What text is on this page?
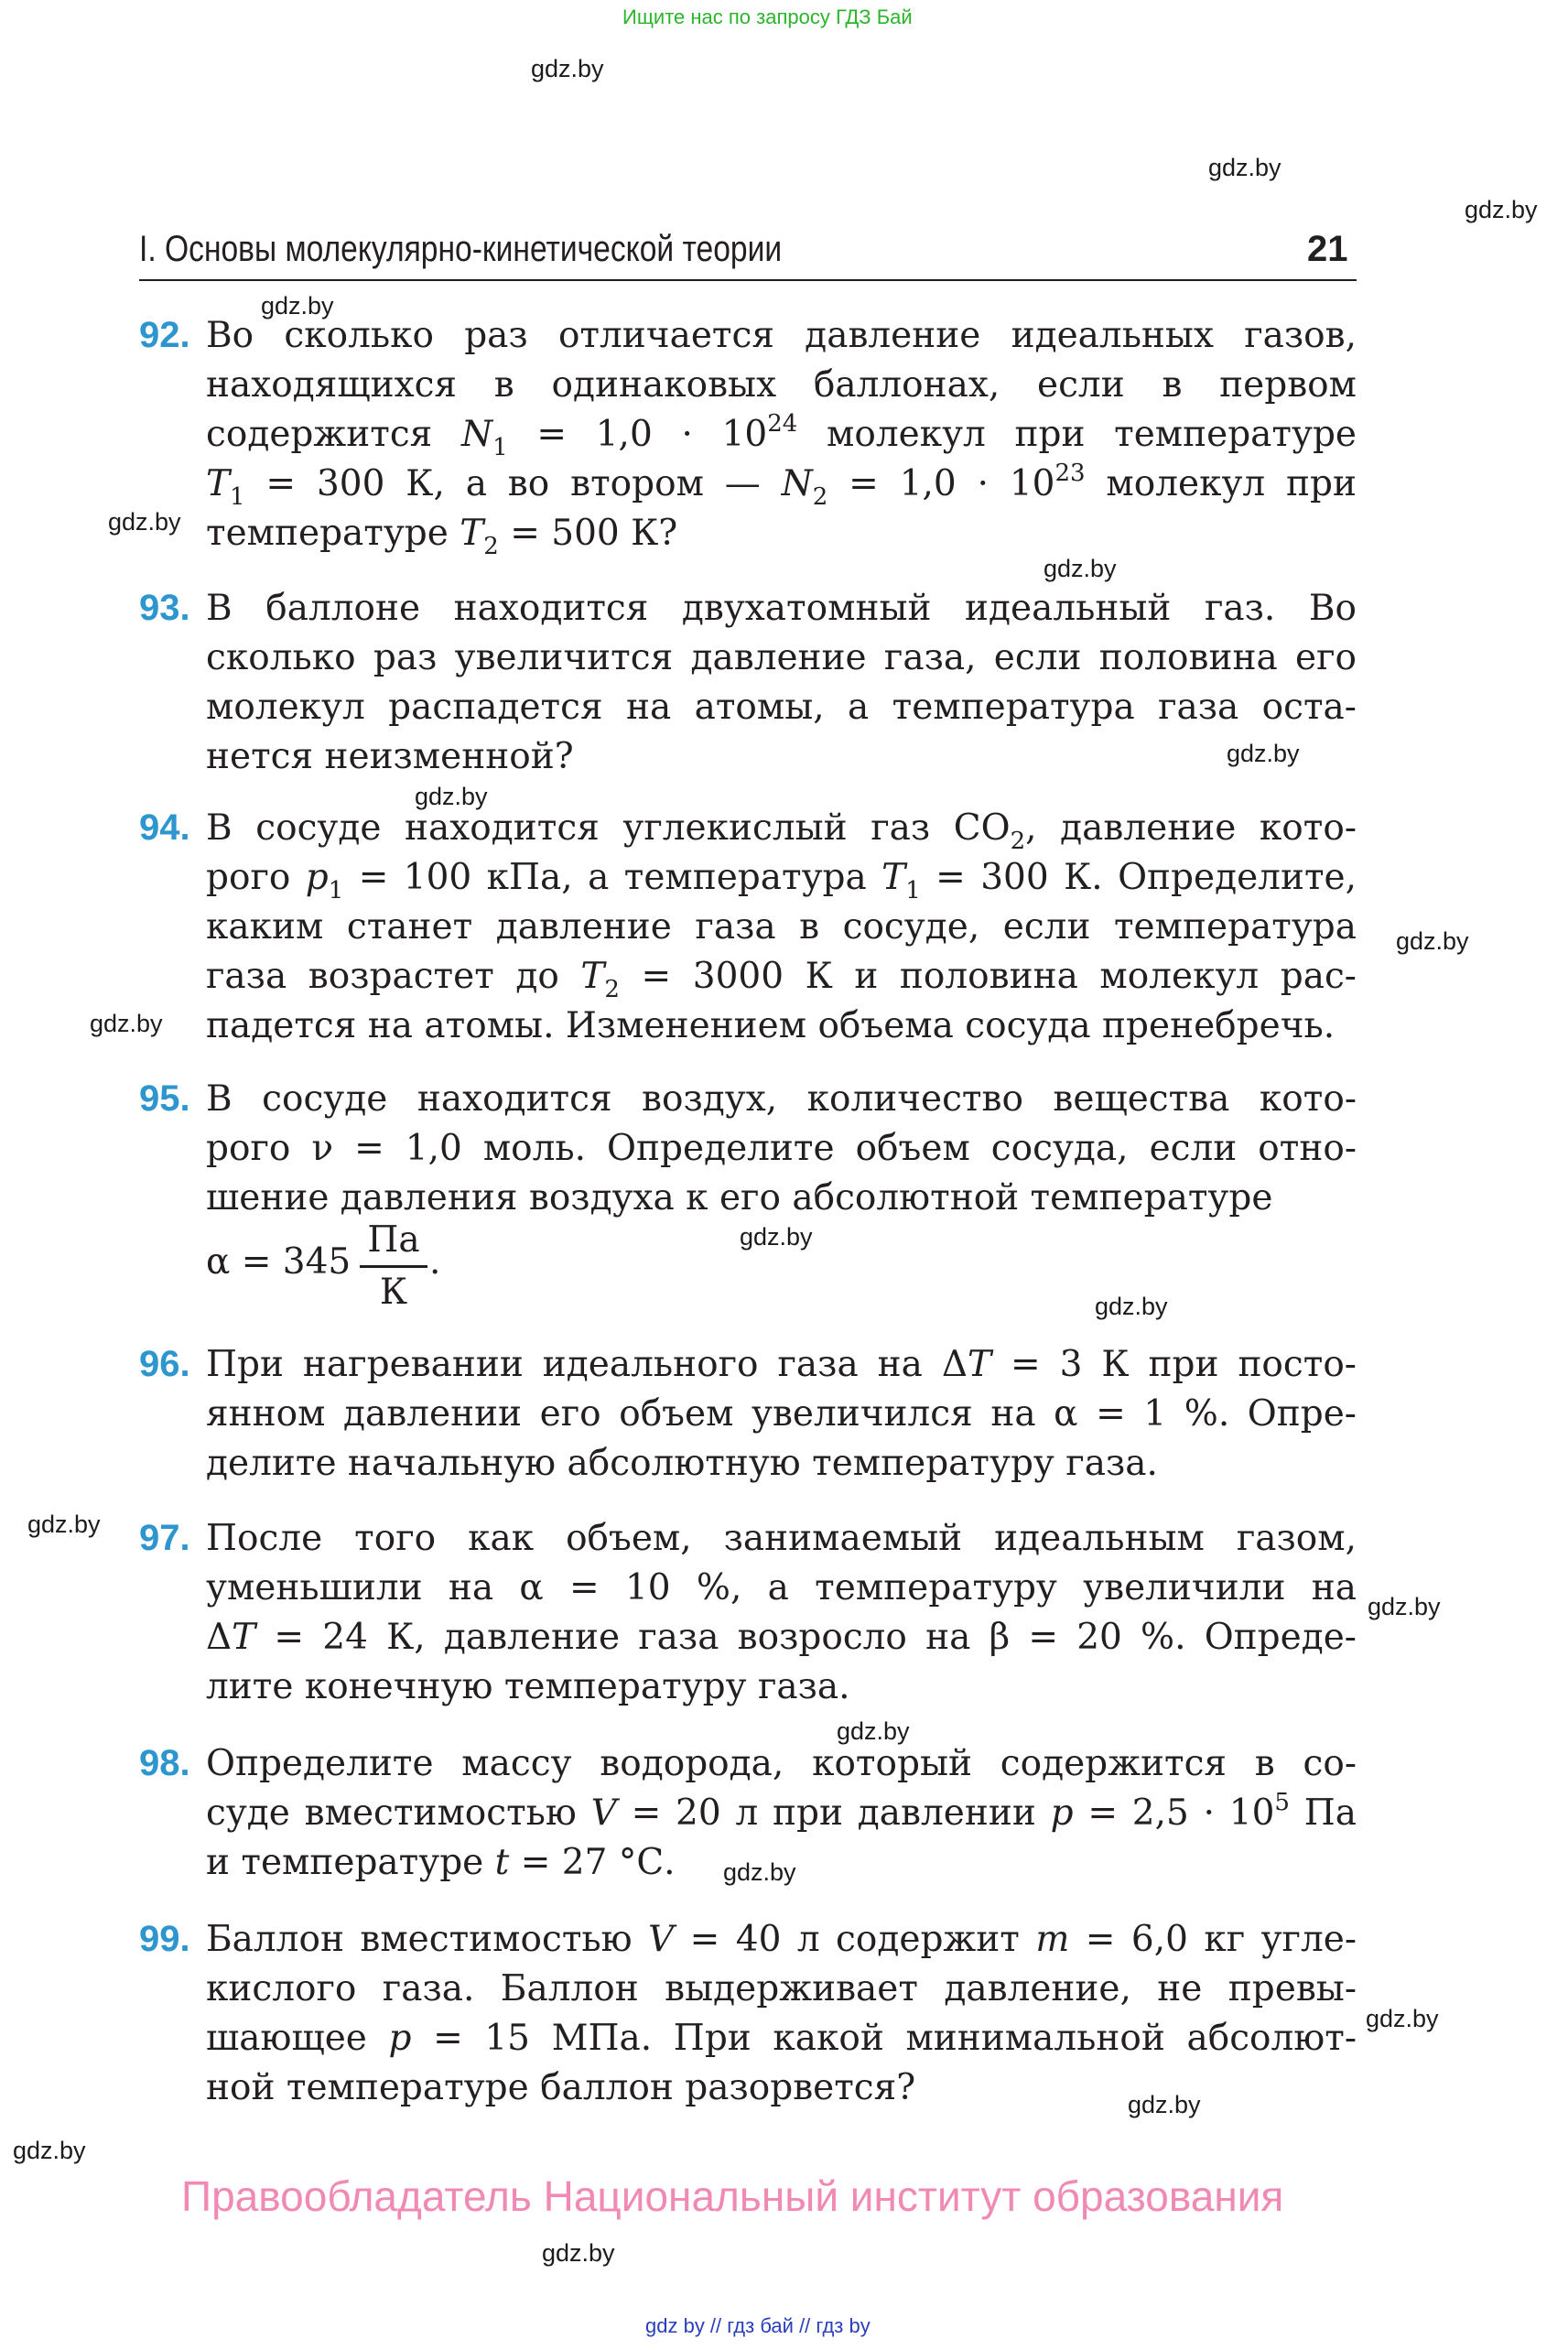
Ищите нас по запросу ГДЗ Бай
gdz.by
gdz.by
gdz.by
gdz.by
gdz.by
gdz.by
gdz.by
gdz.by
gdz.by
gdz.by
gdz.by
gdz.by
gdz.by
gdz.by
gdz.by
gdz.by
gdz.by
gdz.by
gdz.by
gdz.by
I. Основы молекулярно-кинетической теории	21
92. Во сколько раз отличается давление идеальных газов,
находящихся в одинаковых баллонах, если в первом
содержится $N_1 = 1,0 \cdot 10^{24}$ молекул при температуре
$T_1 = 300$ К, а во втором — $N_2 = 1,0 \cdot 10^{23}$ молекул при
температуре $T_2 = 500$ К?
93. В баллоне находится двухатомный идеальный газ. Во
сколько раз увеличится давление газа, если половина его
молекул распадется на атомы, а температура газа оста-
нется неизменной?
94. В сосуде находится углекислый газ $CO_2$, давление кото-
рого $p_1 = 100$ кПа, а температура $T_1 = 300$ К. Определите,
каким станет давление газа в сосуде, если температура
газа возрастет до $T_2 = 3000$ К и половина молекул рас-
падется на атомы. Изменением объема сосуда пренебречь.
95. В сосуде находится воздух, количество вещества кото-
рого ν = 1,0 моль. Определите объем сосуда, если отно-
шение давления воздуха к его абсолютной температуре
α = 345
Па
К
.
96. При нагревании идеального газа на ΔT = 3 К при посто-
янном давлении его объем увеличился на α = 1 %. Опре-
делите начальную абсолютную температуру газа.
97. После того как объем, занимаемый идеальным газом,
уменьшили на α = 10 %, а температуру увеличили на
ΔT = 24 К, давление газа возросло на β = 20 %. Опреде-
лите конечную температуру газа.
98. Определите массу водорода, который содержится в со-
суде вместимостью V = 20 л при давлении $p = 2,5 \cdot 10^5$ Па
и температуре t = 27 °С.
99. Баллон вместимостью V = 40 л содержит m = 6,0 кг угле-
кислого газа. Баллон выдерживает давление, не превы-
шающее p = 15 МПа. При какой минимальной абсолют-
ной температуре баллон разорвется?
Правообладатель Национальный институт образования
gdz by // гдз бай // гдз by
